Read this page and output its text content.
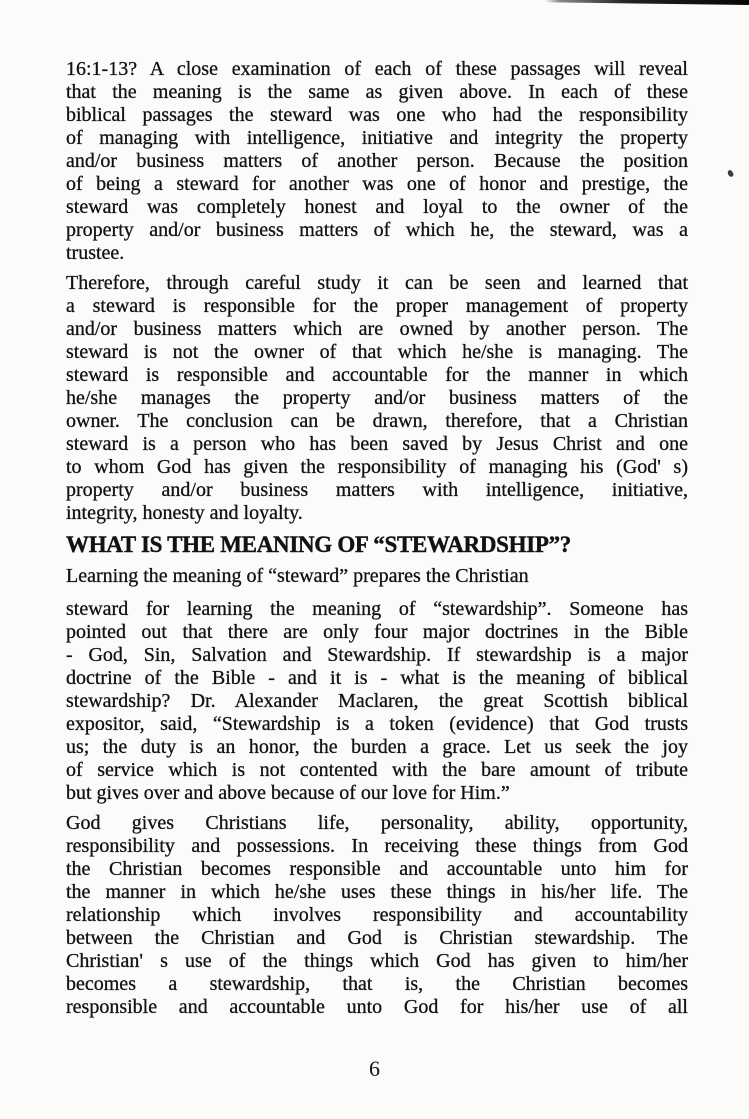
16:1-13? A close examination of each of these passages will reveal
that the meaning is the same as given above. In each of these
biblical passages the steward was one who had the responsibility
of managing with intelligence, initiative and integrity the property
and/or business matters of another person. Because the position
of being a steward for another was one of honor and prestige, the
steward was completely honest and loyal to the owner of the
property and/or business matters of which he, the steward, was a
trustee.
Therefore, through careful study it can be seen and learned that
a steward is responsible for the proper management of property
and/or business matters which are owned by another person. The
steward is not the owner of that which he/she is managing. The
steward is responsible and accountable for the manner in which
he/she manages the property and/or business matters of the
owner. The conclusion can be drawn, therefore, that a Christian
steward is a person who has been saved by Jesus Christ and one
to whom God has given the responsibility of managing his (God' s)
property and/or business matters with intelligence, initiative,
integrity, honesty and loyalty.
WHAT IS THE MEANING OF “STEWARDSHIP”?
Learning the meaning of “steward” prepares the Christian
steward for learning the meaning of “stewardship”. Someone has
pointed out that there are only four major doctrines in the Bible
- God, Sin, Salvation and Stewardship. If stewardship is a major
doctrine of the Bible - and it is - what is the meaning of biblical
stewardship? Dr. Alexander Maclaren, the great Scottish biblical
expositor, said, “Stewardship is a token (evidence) that God trusts
us; the duty is an honor, the burden a grace. Let us seek the joy
of service which is not contented with the bare amount of tribute
but gives over and above because of our love for Him.”
God gives Christians life, personality, ability, opportunity,
responsibility and possessions. In receiving these things from God
the Christian becomes responsible and accountable unto him for
the manner in which he/she uses these things in his/her life. The
relationship which involves responsibility and accountability
between the Christian and God is Christian stewardship. The
Christian' s use of the things which God has given to him/her
becomes a stewardship, that is, the Christian becomes
responsible and accountable unto God for his/her use of all
6
